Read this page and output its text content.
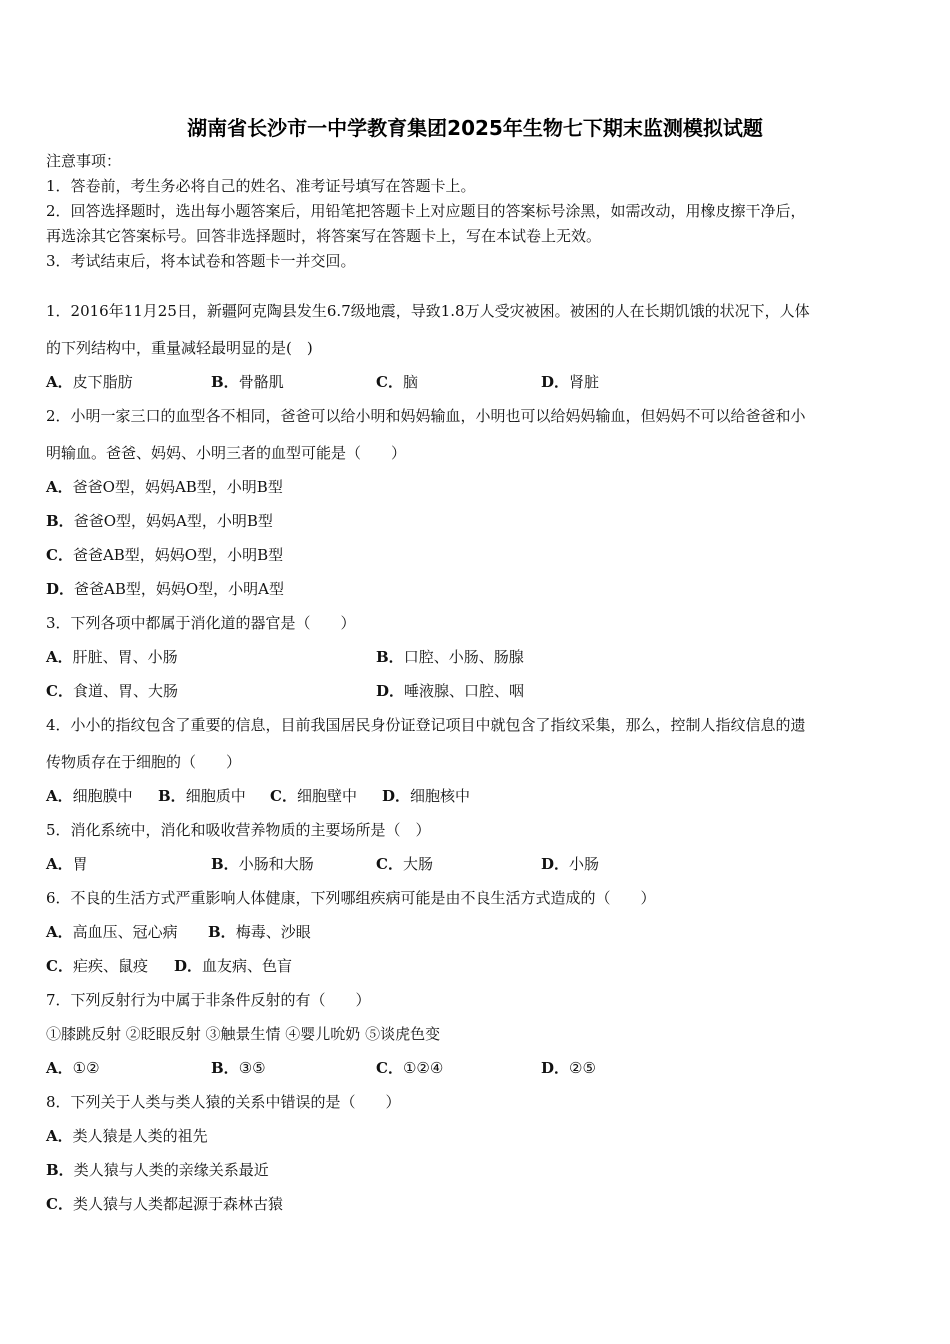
湖南省长沙市一中学教育集团2025年生物七下期末监测模拟试题
注意事项：
1．答卷前，考生务必将自己的姓名、准考证号填写在答题卡上。
2．回答选择题时，选出每小题答案后，用铅笔把答题卡上对应题目的答案标号涂黑，如需改动，用橡皮擦干净后，
再选涂其它答案标号。回答非选择题时，将答案写在答题卡上，写在本试卷上无效。
3．考试结束后，将本试卷和答题卡一并交回。
1．2016年11月25日，新疆阿克陶县发生6.7级地震，导致1.8万人受灾被困。被困的人在长期饥饿的状况下，人体
的下列结构中，重量减轻最明显的是(　)
A．皮下脂肪	B．骨骼肌	C．脑	D．肾脏
2．小明一家三口的血型各不相同，爸爸可以给小明和妈妈输血，小明也可以给妈妈输血，但妈妈不可以给爸爸和小
明输血。爸爸、妈妈、小明三者的血型可能是（　　）
A．爸爸O型，妈妈AB型，小明B型
B．爸爸O型，妈妈A型，小明B型
C．爸爸AB型，妈妈O型，小明B型
D．爸爸AB型，妈妈O型，小明A型
3．下列各项中都属于消化道的器官是（　　）
A．肝脏、胃、小肠	B．口腔、小肠、肠腺
C．食道、胃、大肠	D．唾液腺、口腔、咽
4．小小的指纹包含了重要的信息，目前我国居民身份证登记项目中就包含了指纹采集，那么，控制人指纹信息的遗
传物质存在于细胞的（　　）
A．细胞膜中 B．细胞质中 C．细胞壁中 D．细胞核中
5．消化系统中，消化和吸收营养物质的主要场所是（　）
A．胃	B．小肠和大肠	C．大肠	D．小肠
6．不良的生活方式严重影响人体健康，下列哪组疾病可能是由不良生活方式造成的（　　）
A．高血压、冠心病 B．梅毒、沙眼
C．疟疾、鼠疫 D．血友病、色盲
7．下列反射行为中属于非条件反射的有（　　）
①膝跳反射 ②眨眼反射 ③触景生情 ④婴儿吮奶 ⑤谈虎色变
A．①②	B．③⑤	C．①②④	D．②⑤
8．下列关于人类与类人猿的关系中错误的是（　　）
A．类人猿是人类的祖先
B．类人猿与人类的亲缘关系最近
C．类人猿与人类都起源于森林古猿
